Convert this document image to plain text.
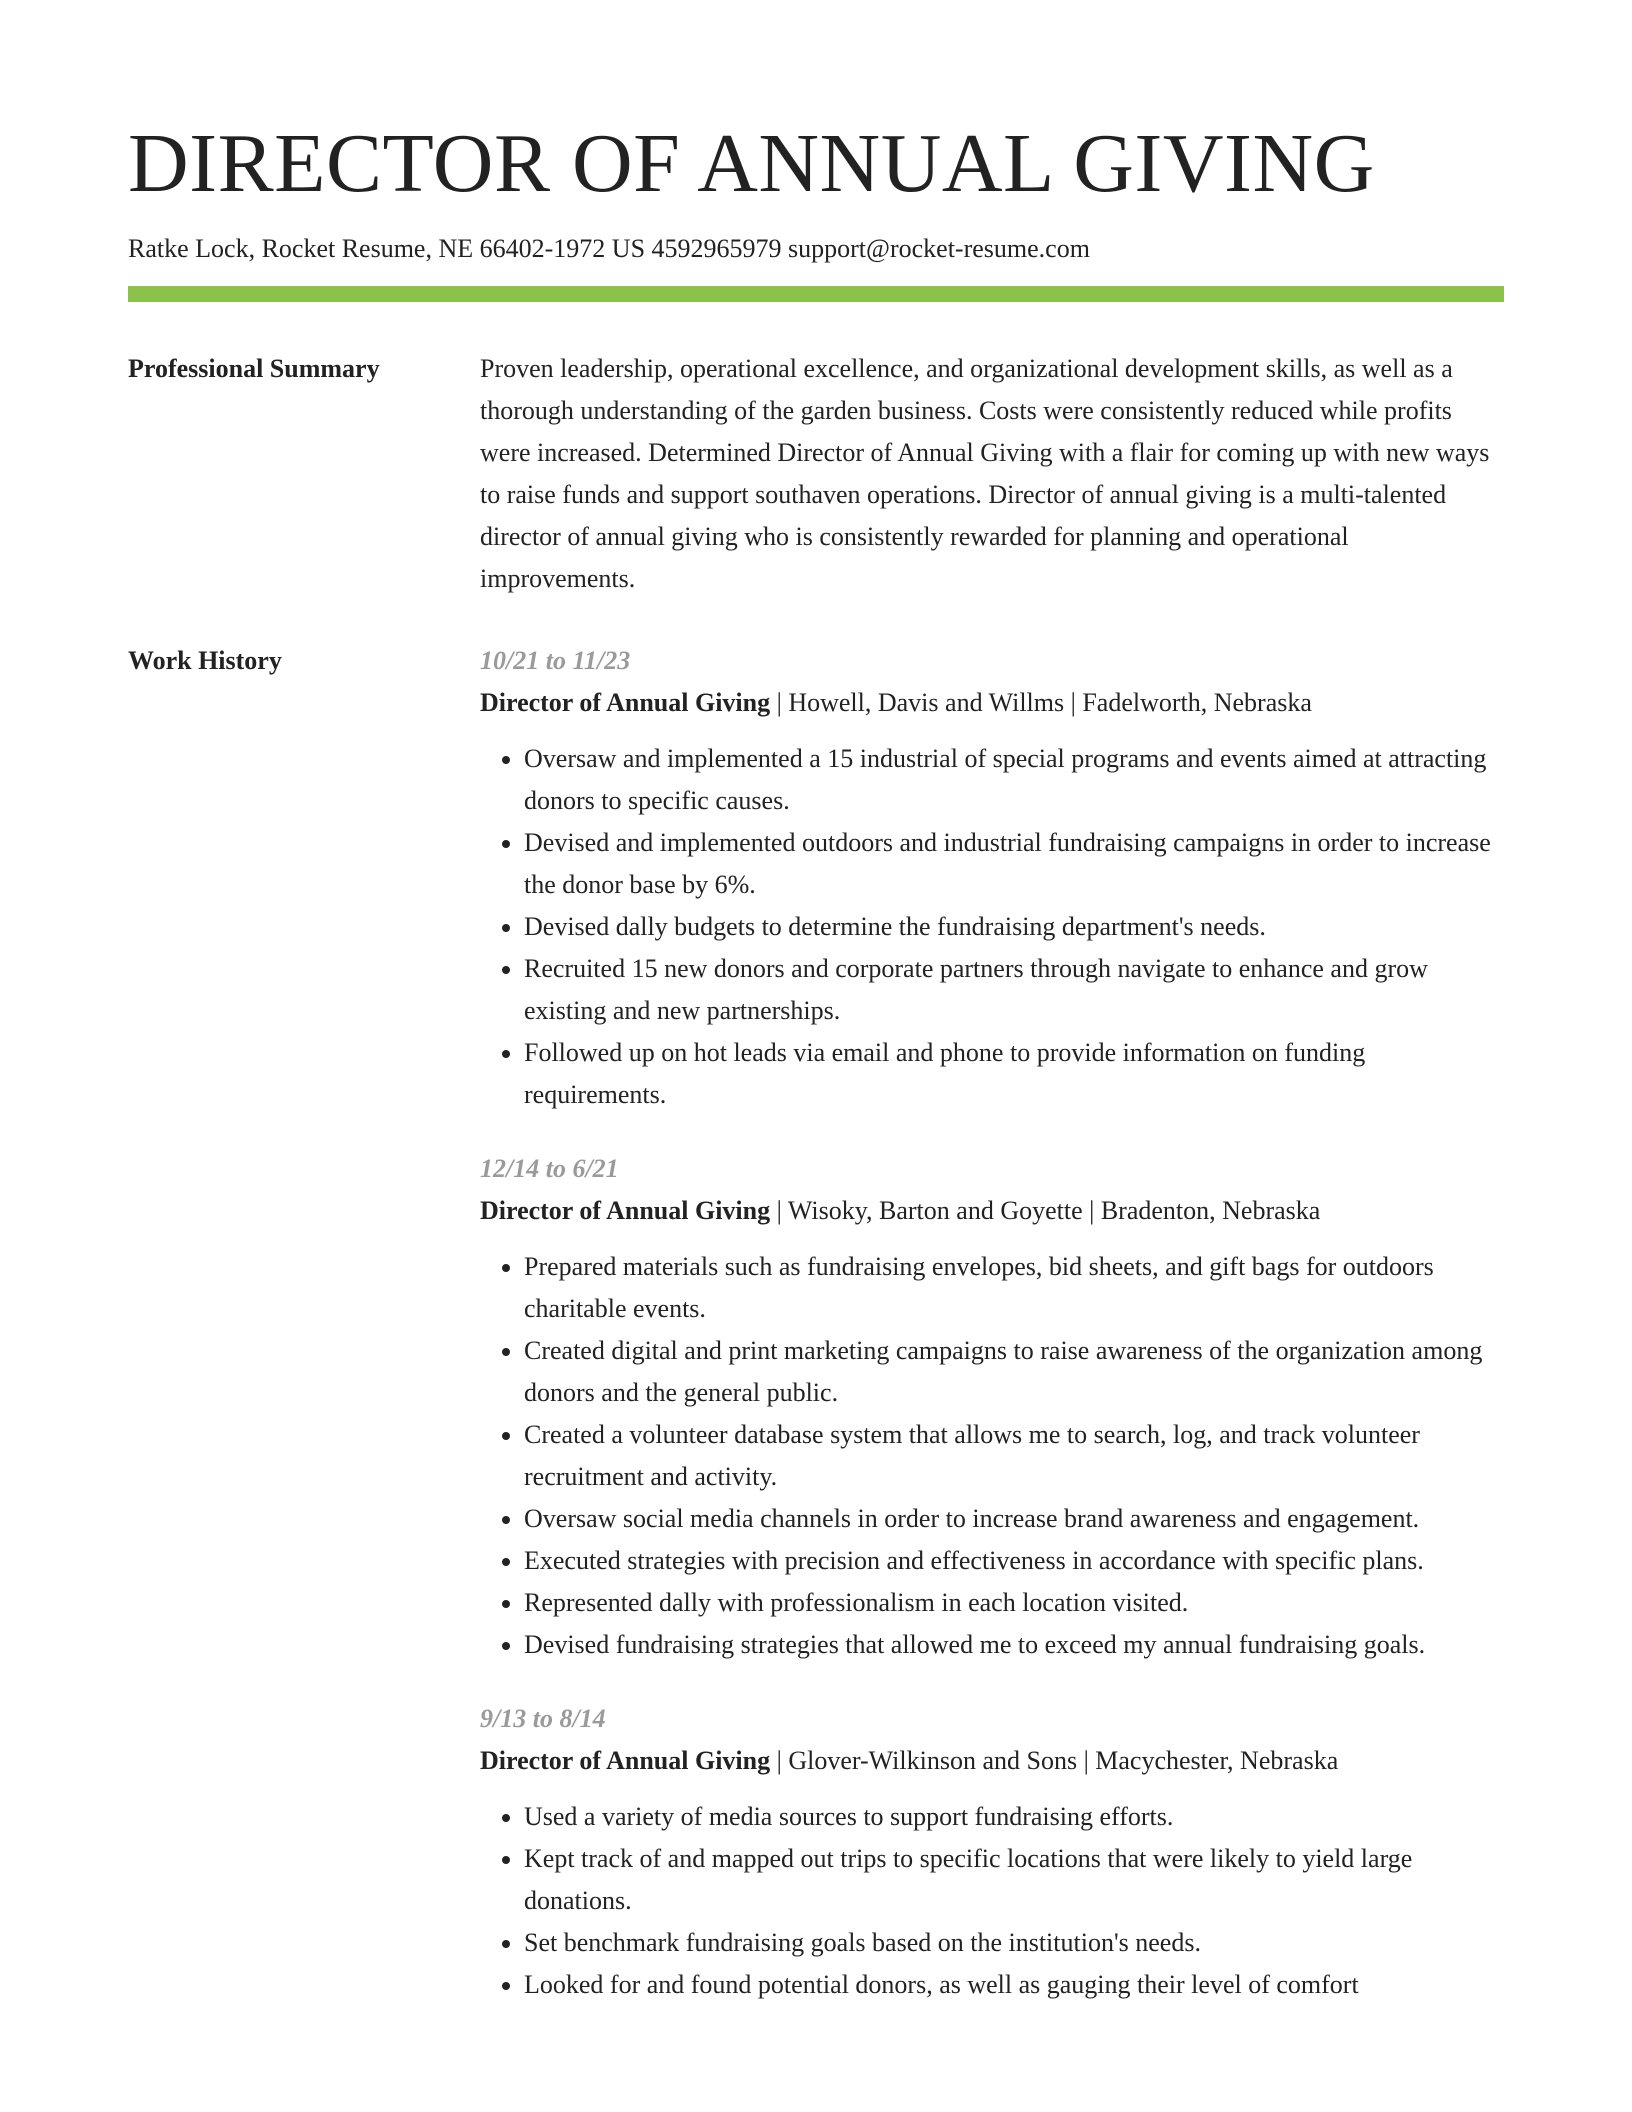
DIRECTOR OF ANNUAL GIVING
Ratke Lock, Rocket Resume, NE 66402-1972 US 4592965979 support@rocket-resume.com
Professional Summary	Proven leadership, operational excellence, and organizational development skills, as well as a thorough understanding of the garden business. Costs were consistently reduced while profits were increased. Determined Director of Annual Giving with a flair for coming up with new ways to raise funds and support southaven operations. Director of annual giving is a multi-talented director of annual giving who is consistently rewarded for planning and operational improvements.

Work History	10/21 to 11/23
Director of Annual Giving | Howell, Davis and Willms | Fadelworth, Nebraska
• Oversaw and implemented a 15 industrial of special programs and events aimed at attracting donors to specific causes.
• Devised and implemented outdoors and industrial fundraising campaigns in order to increase the donor base by 6%.
• Devised dally budgets to determine the fundraising department's needs.
• Recruited 15 new donors and corporate partners through navigate to enhance and grow existing and new partnerships.
• Followed up on hot leads via email and phone to provide information on funding requirements.
12/14 to 6/21
Director of Annual Giving | Wisoky, Barton and Goyette | Bradenton, Nebraska
• Prepared materials such as fundraising envelopes, bid sheets, and gift bags for outdoors charitable events.
• Created digital and print marketing campaigns to raise awareness of the organization among donors and the general public.
• Created a volunteer database system that allows me to search, log, and track volunteer recruitment and activity.
• Oversaw social media channels in order to increase brand awareness and engagement.
• Executed strategies with precision and effectiveness in accordance with specific plans.
• Represented dally with professionalism in each location visited.
• Devised fundraising strategies that allowed me to exceed my annual fundraising goals.
9/13 to 8/14
Director of Annual Giving | Glover-Wilkinson and Sons | Macychester, Nebraska
• Used a variety of media sources to support fundraising efforts.
• Kept track of and mapped out trips to specific locations that were likely to yield large donations.
• Set benchmark fundraising goals based on the institution's needs.
• Looked for and found potential donors, as well as gauging their level of comfort
